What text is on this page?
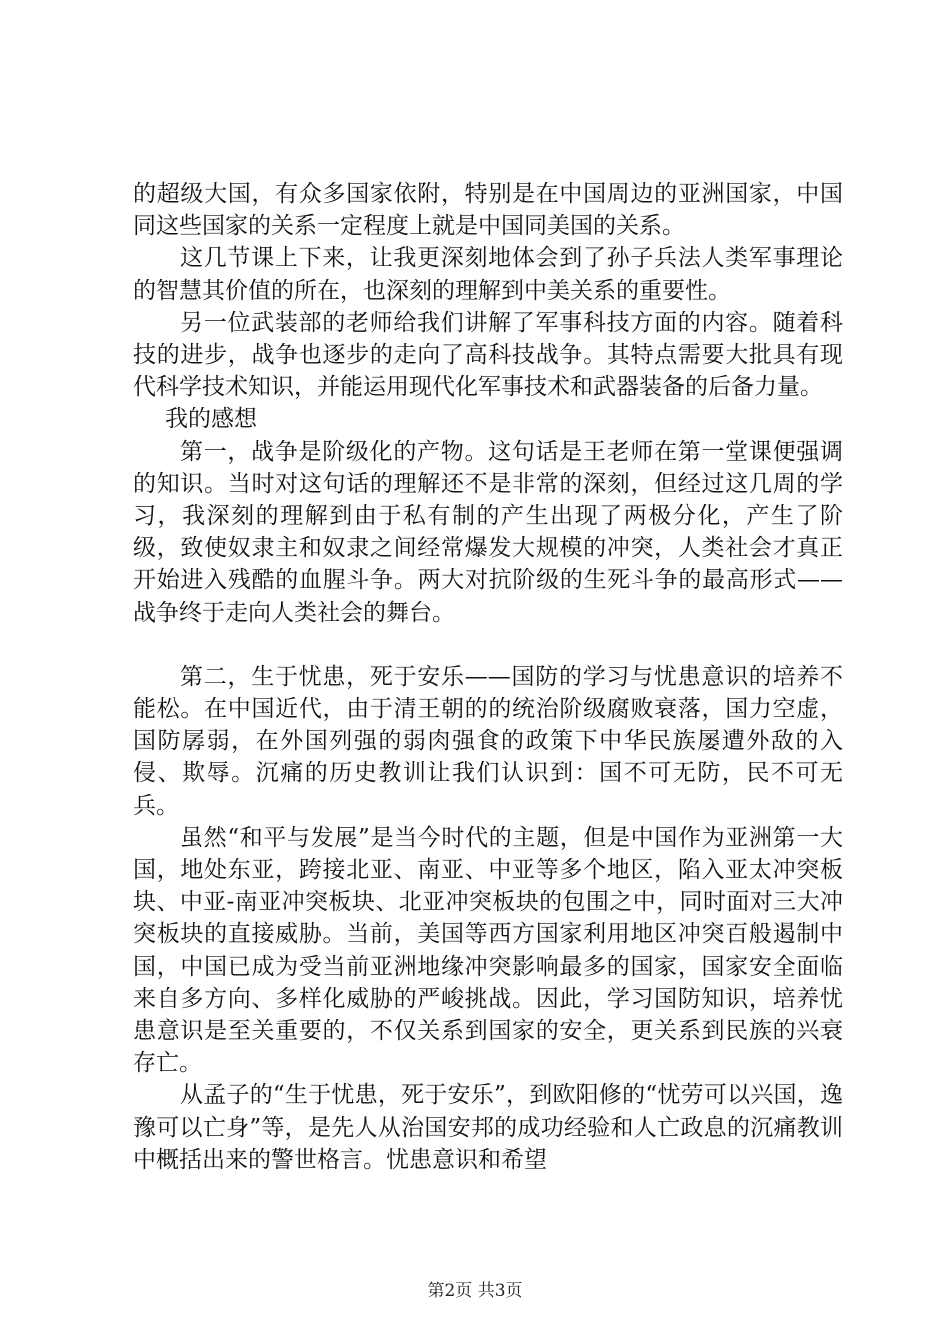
的超级大国，有众多国家依附，特别是在中国周边的亚洲国家，中国同这些国家的关系一定程度上就是中国同美国的关系。

这几节课上下来，让我更深刻地体会到了孙子兵法人类军事理论的智慧其价值的所在，也深刻的理解到中美关系的重要性。

另一位武装部的老师给我们讲解了军事科技方面的内容。随着科技的进步，战争也逐步的走向了高科技战争。其特点需要大批具有现代科学技术知识，并能运用现代化军事技术和武器装备的后备力量。

我的感想

第一，战争是阶级化的产物。这句话是王老师在第一堂课便强调的知识。当时对这句话的理解还不是非常的深刻，但经过这几周的学习，我深刻的理解到由于私有制的产生出现了两极分化，产生了阶级，致使奴隶主和奴隶之间经常爆发大规模的冲突，人类社会才真正开始进入残酷的血腥斗争。两大对抗阶级的生死斗争的最高形式——战争终于走向人类社会的舞台。

第二，生于忧患，死于安乐——国防的学习与忧患意识的培养不能松。在中国近代，由于清王朝的的统治阶级腐败衰落，国力空虚，国防孱弱，在外国列强的弱肉强食的政策下中华民族屡遭外敌的入侵、欺辱。沉痛的历史教训让我们认识到：国不可无防，民不可无兵。

虽然“和平与发展”是当今时代的主题，但是中国作为亚洲第一大国，地处东亚，跨接北亚、南亚、中亚等多个地区，陷入亚太冲突板块、中亚-南亚冲突板块、北亚冲突板块的包围之中，同时面对三大冲突板块的直接威胁。当前，美国等西方国家利用地区冲突百般遏制中国，中国已成为受当前亚洲地缘冲突影响最多的国家，国家安全面临来自多方向、多样化威胁的严峻挑战。因此，学习国防知识，培养忧患意识是至关重要的，不仅关系到国家的安全，更关系到民族的兴衰存亡。

从孟子的“生于忧患，死于安乐”，到欧阳修的“忧劳可以兴国，逸豫可以亡身”等，是先人从治国安邦的成功经验和人亡政息的沉痛教训中概括出来的警世格言。忧患意识和希望

第2页 共3页
